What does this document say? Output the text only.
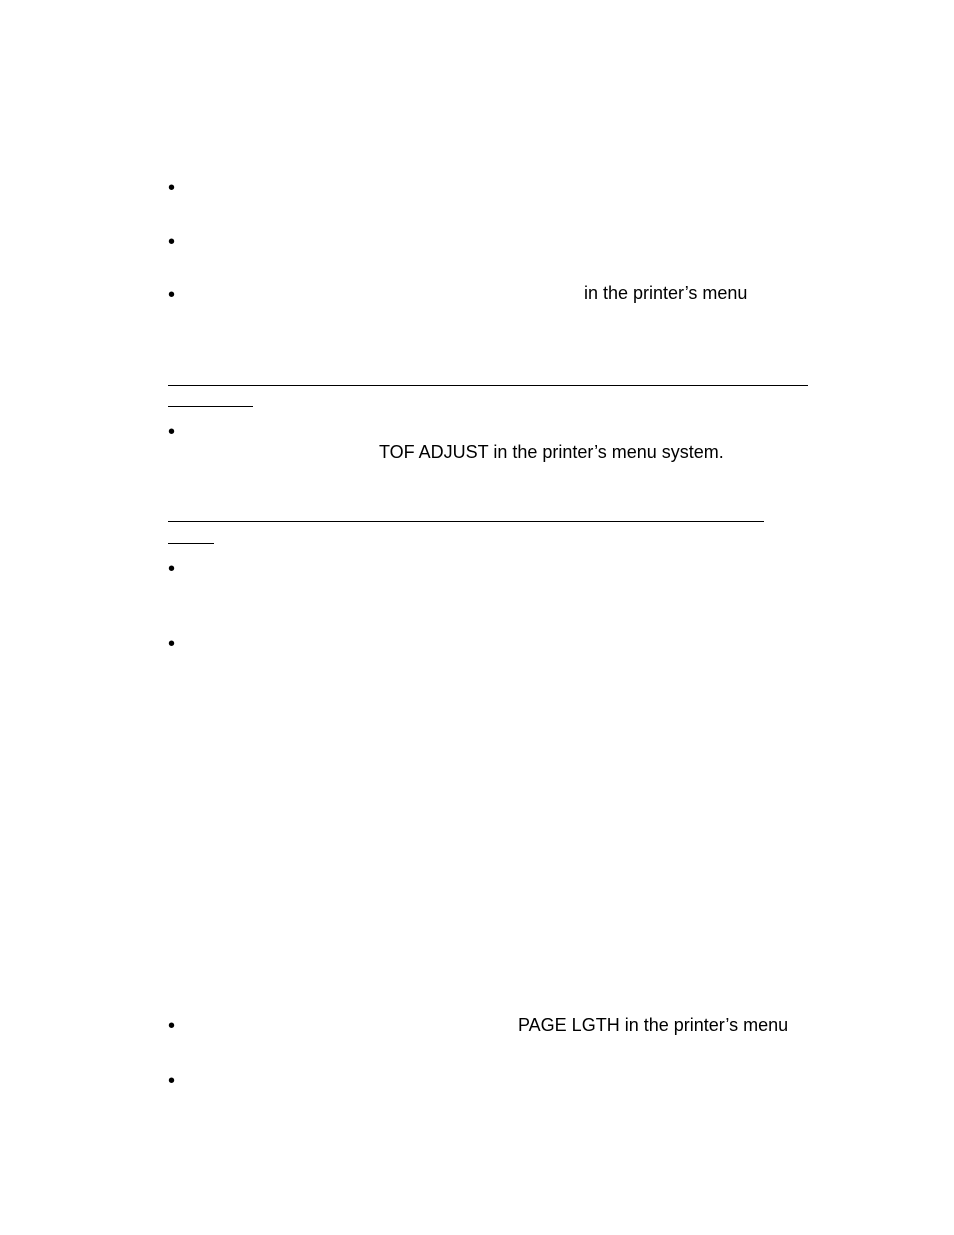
•
•
•	in the printer’s menu
•
TOF ADJUST in the printer’s menu system.
•
•
•	PAGE LGTH in the printer’s menu
•
